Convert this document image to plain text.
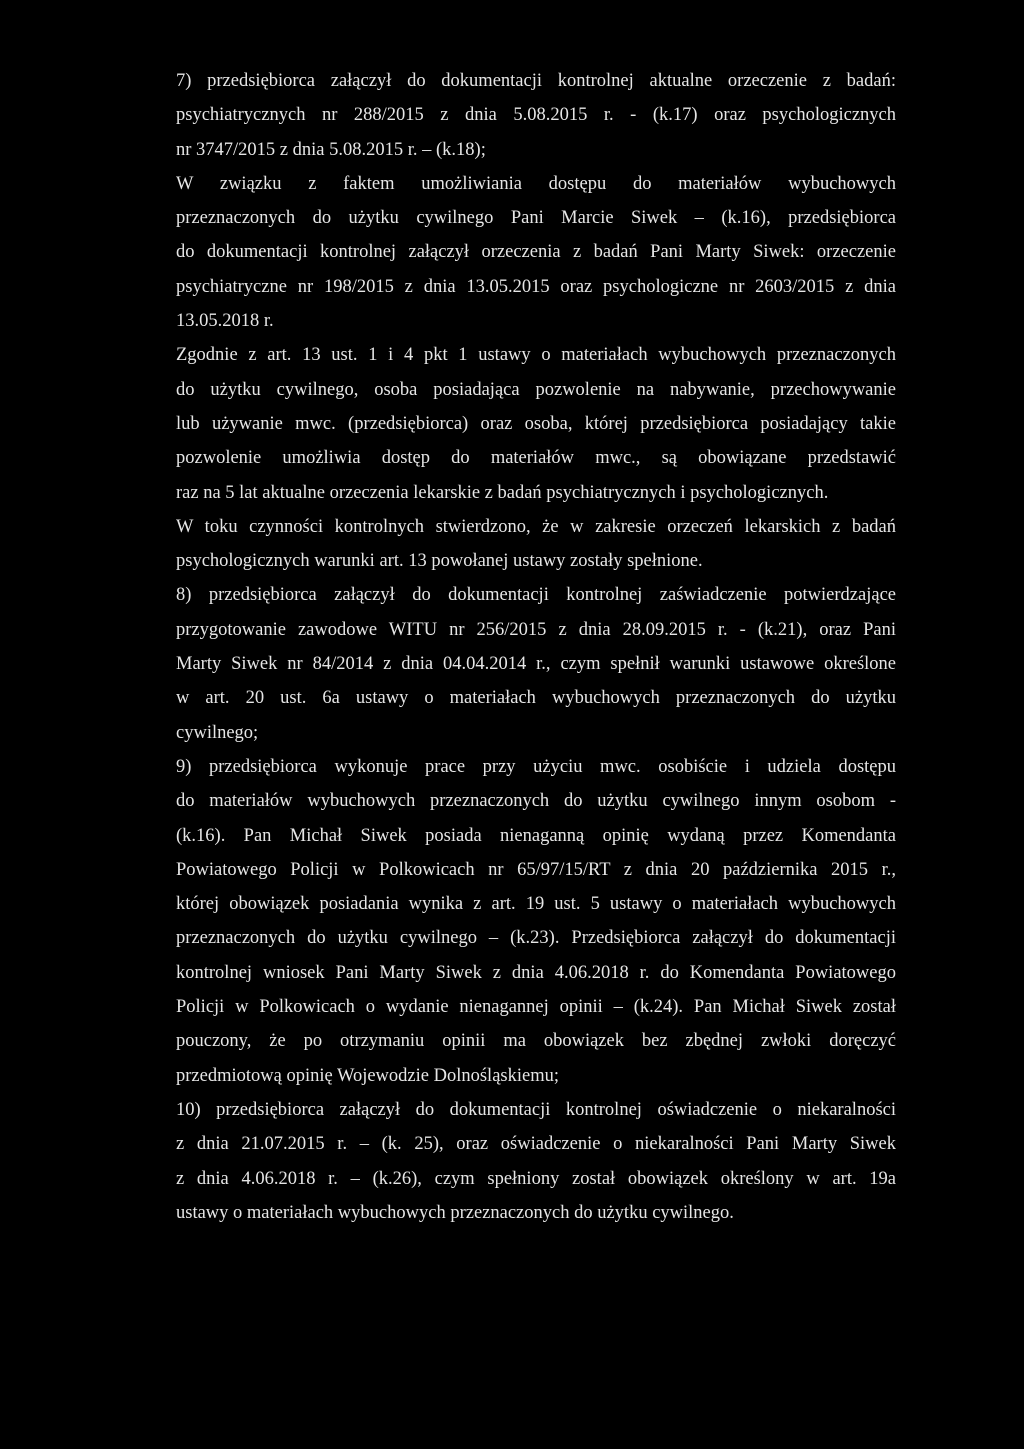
7) przedsiębiorca załączył do dokumentacji kontrolnej aktualne orzeczenie z badań:
psychiatrycznych nr 288/2015 z dnia 5.08.2015 r. - (k.17) oraz psychologicznych
nr 3747/2015 z dnia 5.08.2015 r. – (k.18);
W związku z faktem umożliwiania dostępu do materiałów wybuchowych
przeznaczonych do użytku cywilnego Pani Marcie Siwek – (k.16), przedsiębiorca
do dokumentacji kontrolnej załączył orzeczenia z badań Pani Marty Siwek: orzeczenie
psychiatryczne nr 198/2015 z dnia 13.05.2015 oraz psychologiczne nr 2603/2015 z dnia
13.05.2018 r.
Zgodnie z art. 13 ust. 1 i 4 pkt 1 ustawy o materiałach wybuchowych przeznaczonych
do użytku cywilnego, osoba posiadająca pozwolenie na nabywanie, przechowywanie
lub używanie mwc. (przedsiębiorca) oraz osoba, której przedsiębiorca posiadający takie
pozwolenie umożliwia dostęp do materiałów mwc., są obowiązane przedstawić
raz na 5 lat aktualne orzeczenia lekarskie z badań psychiatrycznych i psychologicznych.
W toku czynności kontrolnych stwierdzono, że w zakresie orzeczeń lekarskich z badań
psychologicznych warunki art. 13 powołanej ustawy zostały spełnione.
8) przedsiębiorca załączył do dokumentacji kontrolnej zaświadczenie potwierdzające
przygotowanie zawodowe WITU nr 256/2015 z dnia 28.09.2015 r. - (k.21), oraz Pani
Marty Siwek nr 84/2014 z dnia 04.04.2014 r., czym spełnił warunki ustawowe określone
w art. 20 ust. 6a ustawy o materiałach wybuchowych przeznaczonych do użytku
cywilnego;
9) przedsiębiorca wykonuje prace przy użyciu mwc. osobiście i udziela dostępu
do materiałów wybuchowych przeznaczonych do użytku cywilnego innym osobom -
(k.16). Pan Michał Siwek posiada nienaganną opinię wydaną przez Komendanta
Powiatowego Policji w Polkowicach nr 65/97/15/RT z dnia 20 października 2015 r.,
której obowiązek posiadania wynika z art. 19 ust. 5 ustawy o materiałach wybuchowych
przeznaczonych do użytku cywilnego – (k.23). Przedsiębiorca załączył do dokumentacji
kontrolnej wniosek Pani Marty Siwek z dnia 4.06.2018 r. do Komendanta Powiatowego
Policji w Polkowicach o wydanie nienagannej opinii – (k.24). Pan Michał Siwek został
pouczony, że po otrzymaniu opinii ma obowiązek bez zbędnej zwłoki doręczyć
przedmiotową opinię Wojewodzie Dolnośląskiemu;
10) przedsiębiorca załączył do dokumentacji kontrolnej oświadczenie o niekaralności
z dnia 21.07.2015 r. – (k. 25), oraz oświadczenie o niekaralności Pani Marty Siwek
z dnia 4.06.2018 r. – (k.26), czym spełniony został obowiązek określony w art. 19a
ustawy o materiałach wybuchowych przeznaczonych do użytku cywilnego.
